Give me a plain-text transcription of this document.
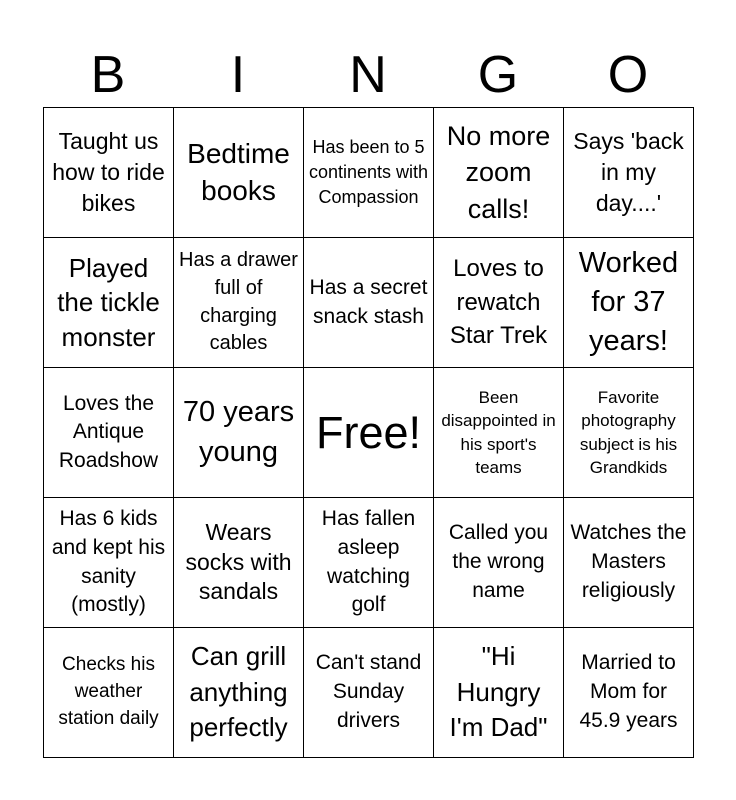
B	I	N	G	O
Taught us how to ride bikes	Bedtime books	Has been to 5 continents with Compassion	No more zoom calls!	Says 'back in my day....'

Played the tickle monster	Has a drawer full of charging cables	Has a secret snack stash	Loves to rewatch Star Trek	Worked for 37 years!

Loves the Antique Roadshow	70 years young	Free!	Been disappointed in his sport's teams	Favorite photography subject is his Grandkids

Has 6 kids and kept his sanity (mostly)	Wears socks with sandals	Has fallen asleep watching golf	Called you the wrong name	Watches the Masters religiously

Checks his weather station daily	Can grill anything perfectly	Can't stand Sunday drivers	"Hi Hungry I'm Dad"	Married to Mom for 45.9 years
